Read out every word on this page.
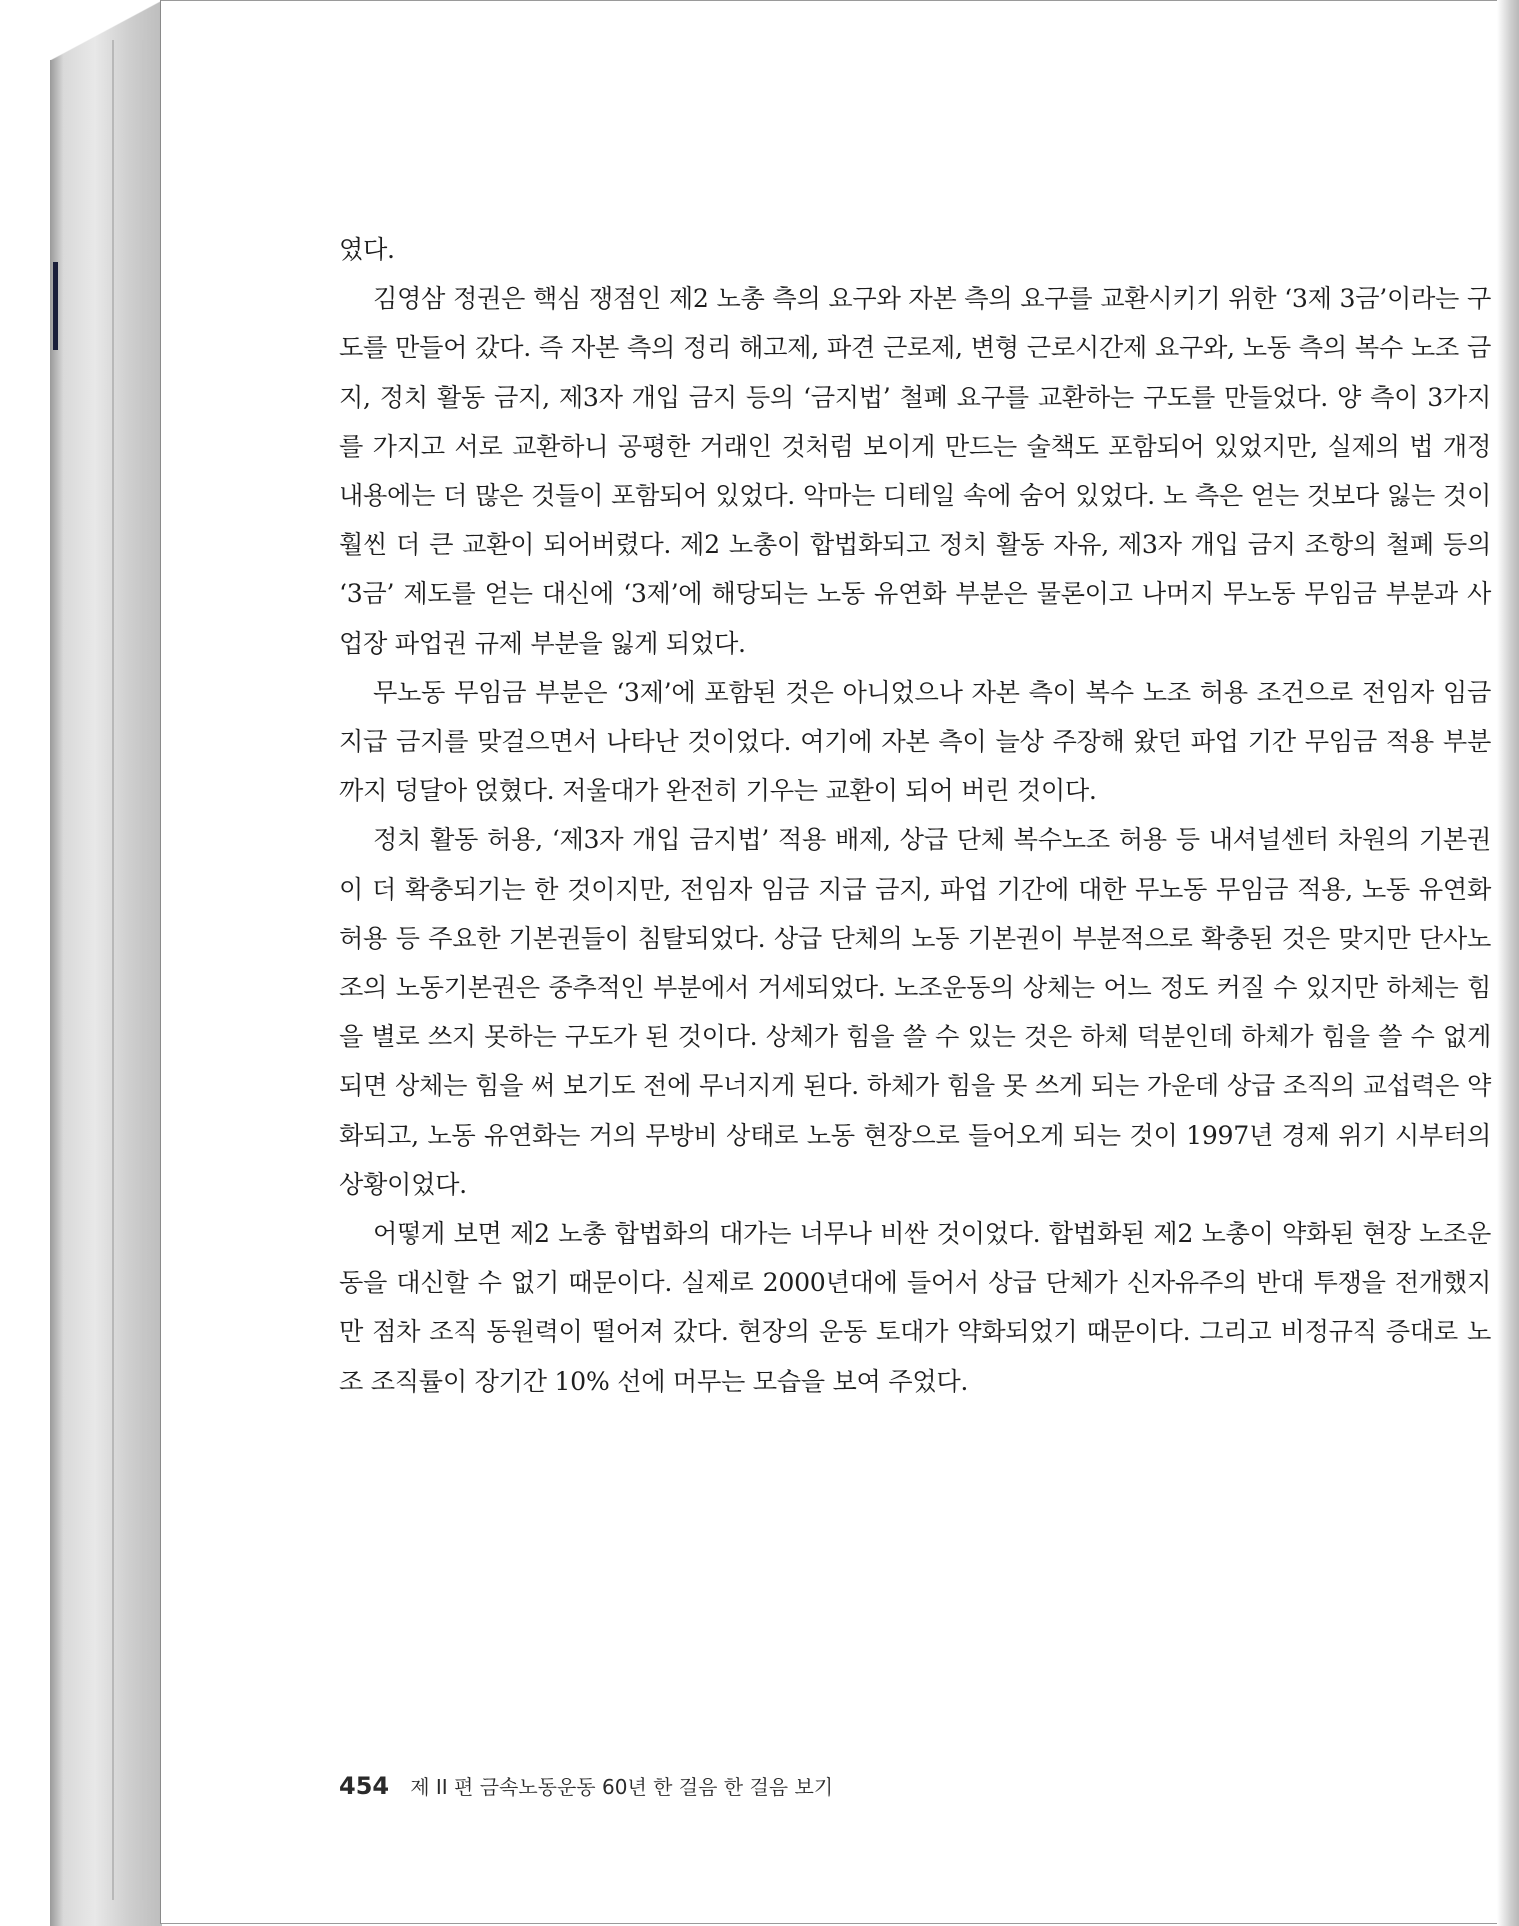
였다.

김영삼 정권은 핵심 쟁점인 제2 노총 측의 요구와 자본 측의 요구를 교환시키기 위한 ‘3제 3금’이라는 구도를 만들어 갔다. 즉 자본 측의 정리 해고제, 파견 근로제, 변형 근로시간제 요구와, 노동 측의 복수 노조 금지, 정치 활동 금지, 제3자 개입 금지 등의 ‘금지법’ 철폐 요구를 교환하는 구도를 만들었다. 양 측이 3가지를 가지고 서로 교환하니 공평한 거래인 것처럼 보이게 만드는 술책도 포함되어 있었지만, 실제의 법 개정 내용에는 더 많은 것들이 포함되어 있었다. 악마는 디테일 속에 숨어 있었다. 노 측은 얻는 것보다 잃는 것이 훨씬 더 큰 교환이 되어버렸다. 제2 노총이 합법화되고 정치 활동 자유, 제3자 개입 금지 조항의 철폐 등의 ‘3금’ 제도를 얻는 대신에 ‘3제’에 해당되는 노동 유연화 부분은 물론이고 나머지 무노동 무임금 부분과 사업장 파업권 규제 부분을 잃게 되었다.

무노동 무임금 부분은 ‘3제’에 포함된 것은 아니었으나 자본 측이 복수 노조 허용 조건으로 전임자 임금 지급 금지를 맞걸으면서 나타난 것이었다. 여기에 자본 측이 늘상 주장해 왔던 파업 기간 무임금 적용 부분까지 덩달아 얹혔다. 저울대가 완전히 기우는 교환이 되어 버린 것이다.

정치 활동 허용, ‘제3자 개입 금지법’ 적용 배제, 상급 단체 복수노조 허용 등 내셔널센터 차원의 기본권이 더 확충되기는 한 것이지만, 전임자 임금 지급 금지, 파업 기간에 대한 무노동 무임금 적용, 노동 유연화 허용 등 주요한 기본권들이 침탈되었다. 상급 단체의 노동 기본권이 부분적으로 확충된 것은 맞지만 단사노조의 노동기본권은 중추적인 부분에서 거세되었다. 노조운동의 상체는 어느 정도 커질 수 있지만 하체는 힘을 별로 쓰지 못하는 구도가 된 것이다. 상체가 힘을 쓸 수 있는 것은 하체 덕분인데 하체가 힘을 쓸 수 없게 되면 상체는 힘을 써 보기도 전에 무너지게 된다. 하체가 힘을 못 쓰게 되는 가운데 상급 조직의 교섭력은 약화되고, 노동 유연화는 거의 무방비 상태로 노동 현장으로 들어오게 되는 것이 1997년 경제 위기 시부터의 상황이었다.

어떻게 보면 제2 노총 합법화의 대가는 너무나 비싼 것이었다. 합법화된 제2 노총이 약화된 현장 노조운동을 대신할 수 없기 때문이다. 실제로 2000년대에 들어서 상급 단체가 신자유주의 반대 투쟁을 전개했지만 점차 조직 동원력이 떨어져 갔다. 현장의 운동 토대가 약화되었기 때문이다. 그리고 비정규직 증대로 노조 조직률이 장기간 10% 선에 머무는 모습을 보여 주었다.

454 제 II 편 금속노동운동 60년 한 걸음 한 걸음 보기
